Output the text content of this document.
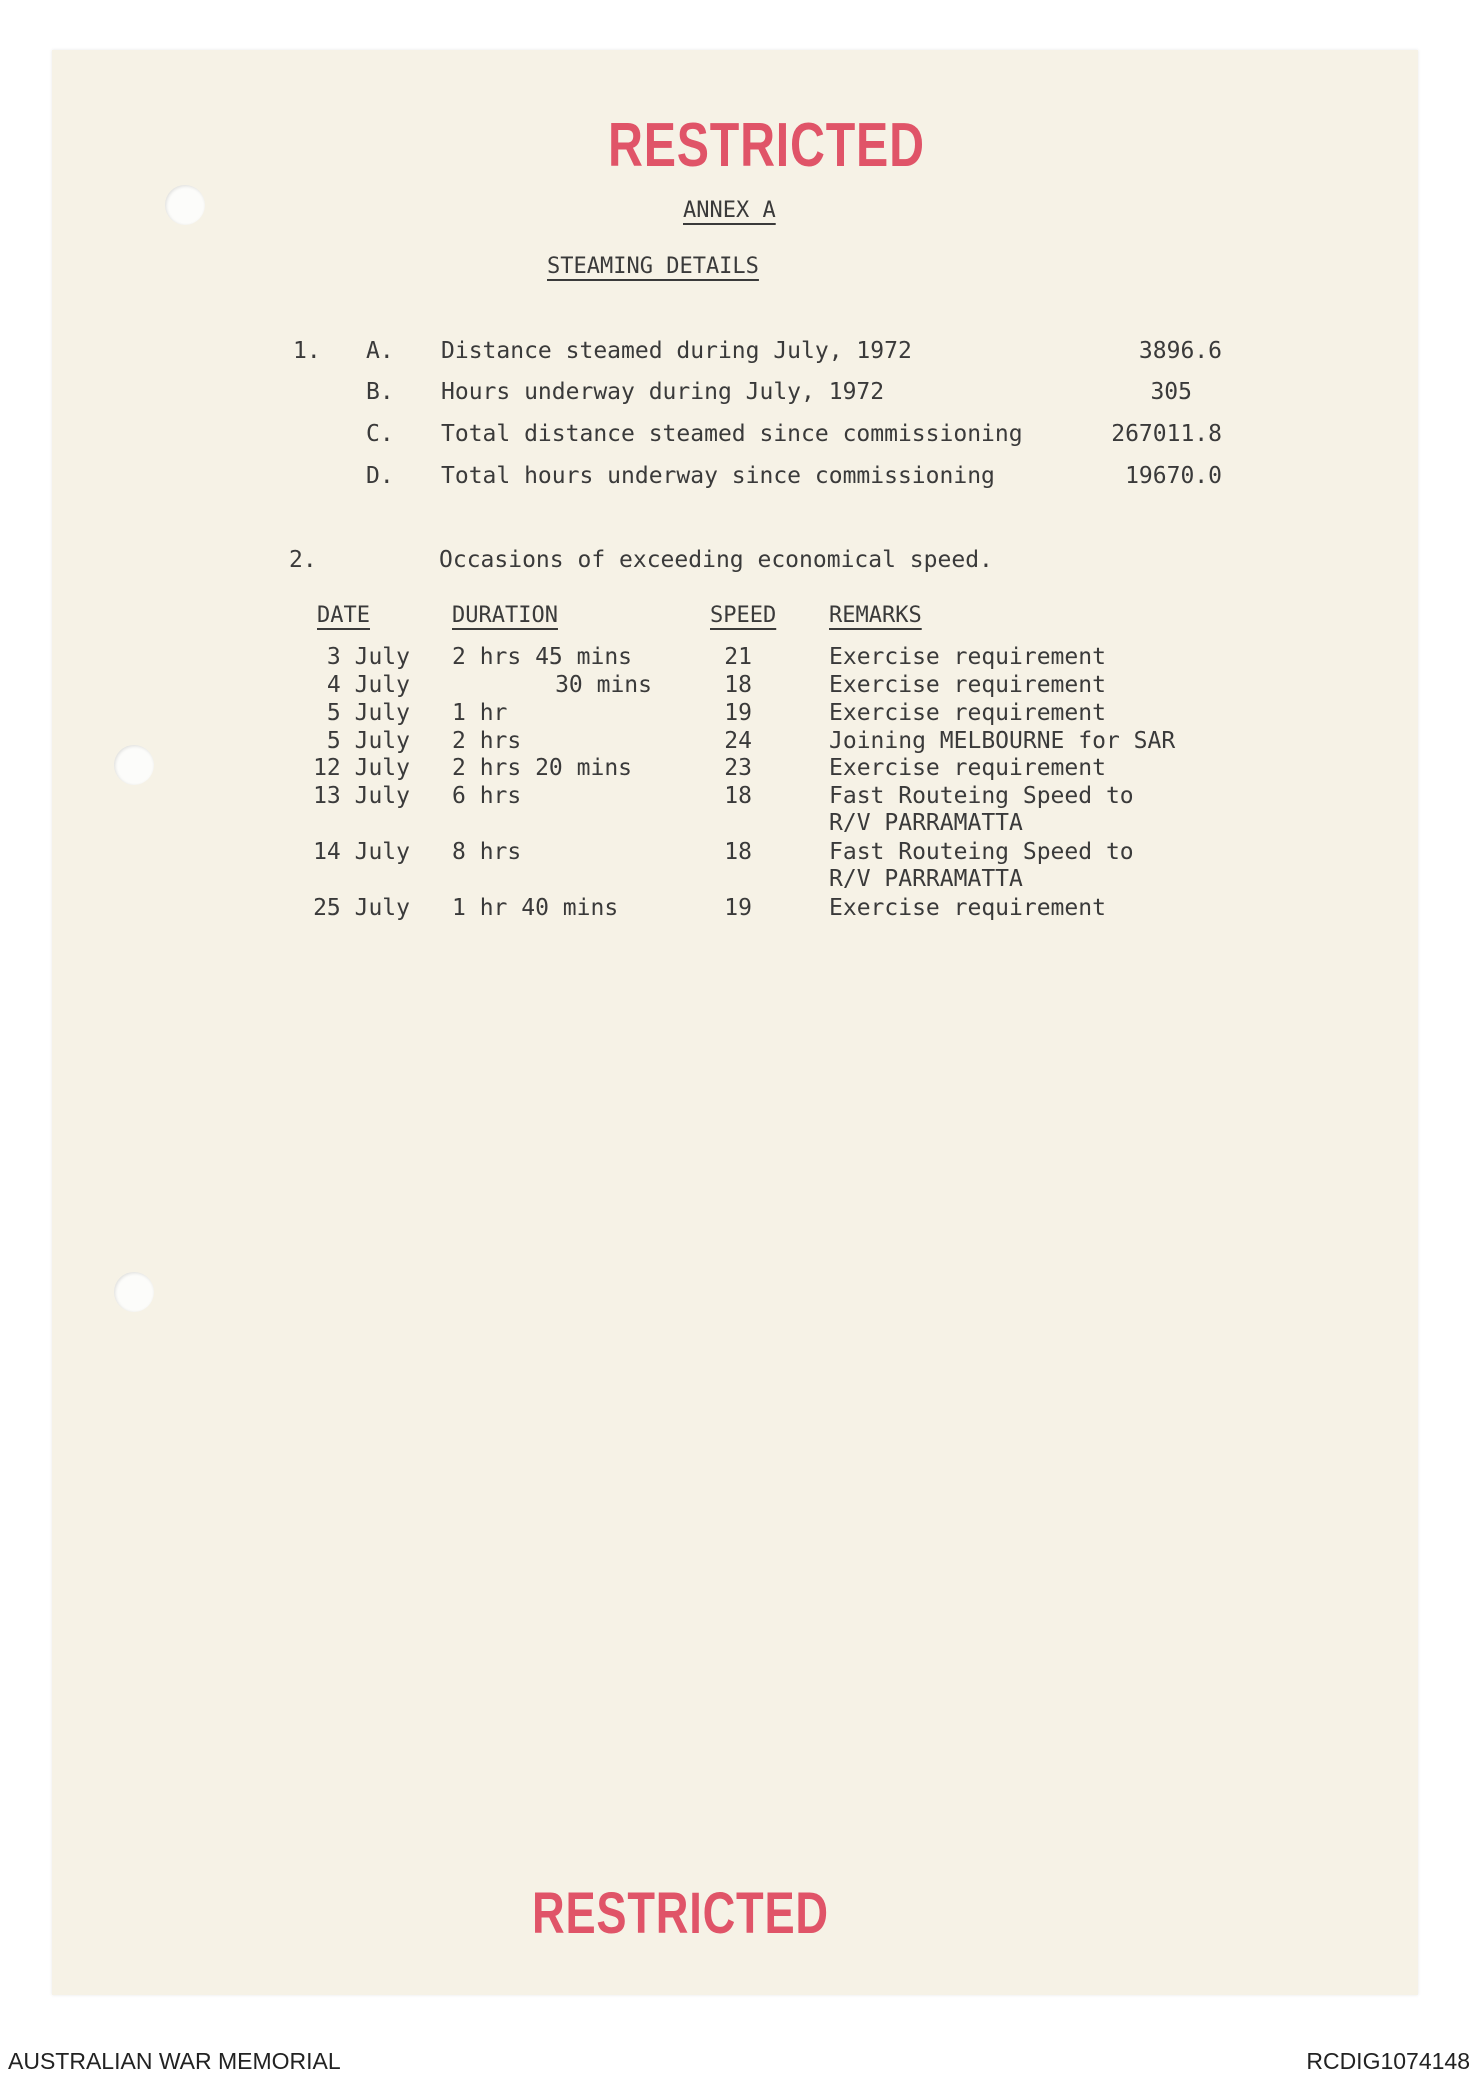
RESTRICTED
ANNEX A
STEAMING DETAILS
1. A. Distance steamed during July, 1972	3896.6
B. Hours underway during July, 1972	305
C. Total distance steamed since commissioning	267011.8
D. Total hours underway since commissioning	19670.0
2.	Occasions of exceeding economical speed.
DATE	DURATION	SPEED REMARKS
3 July 2 hrs 45 mins	21	Exercise requirement
4 July	30 mins	18	Exercise requirement
5 July 1 hr	19	Exercise requirement
5 July 2 hrs	24	Joining MELBOURNE for SAR
12 July 2 hrs 20 mins	23	Exercise requirement
13 July 6 hrs	18	Fast Routeing Speed to
R/V PARRAMATTA
14 July 8 hrs	18	Fast Routeing Speed to
R/V PARRAMATTA
25 July 1 hr 40 mins	19	Exercise requirement
RESTRICTED
AUSTRALIAN WAR MEMORIAL	RCDIG1074148
